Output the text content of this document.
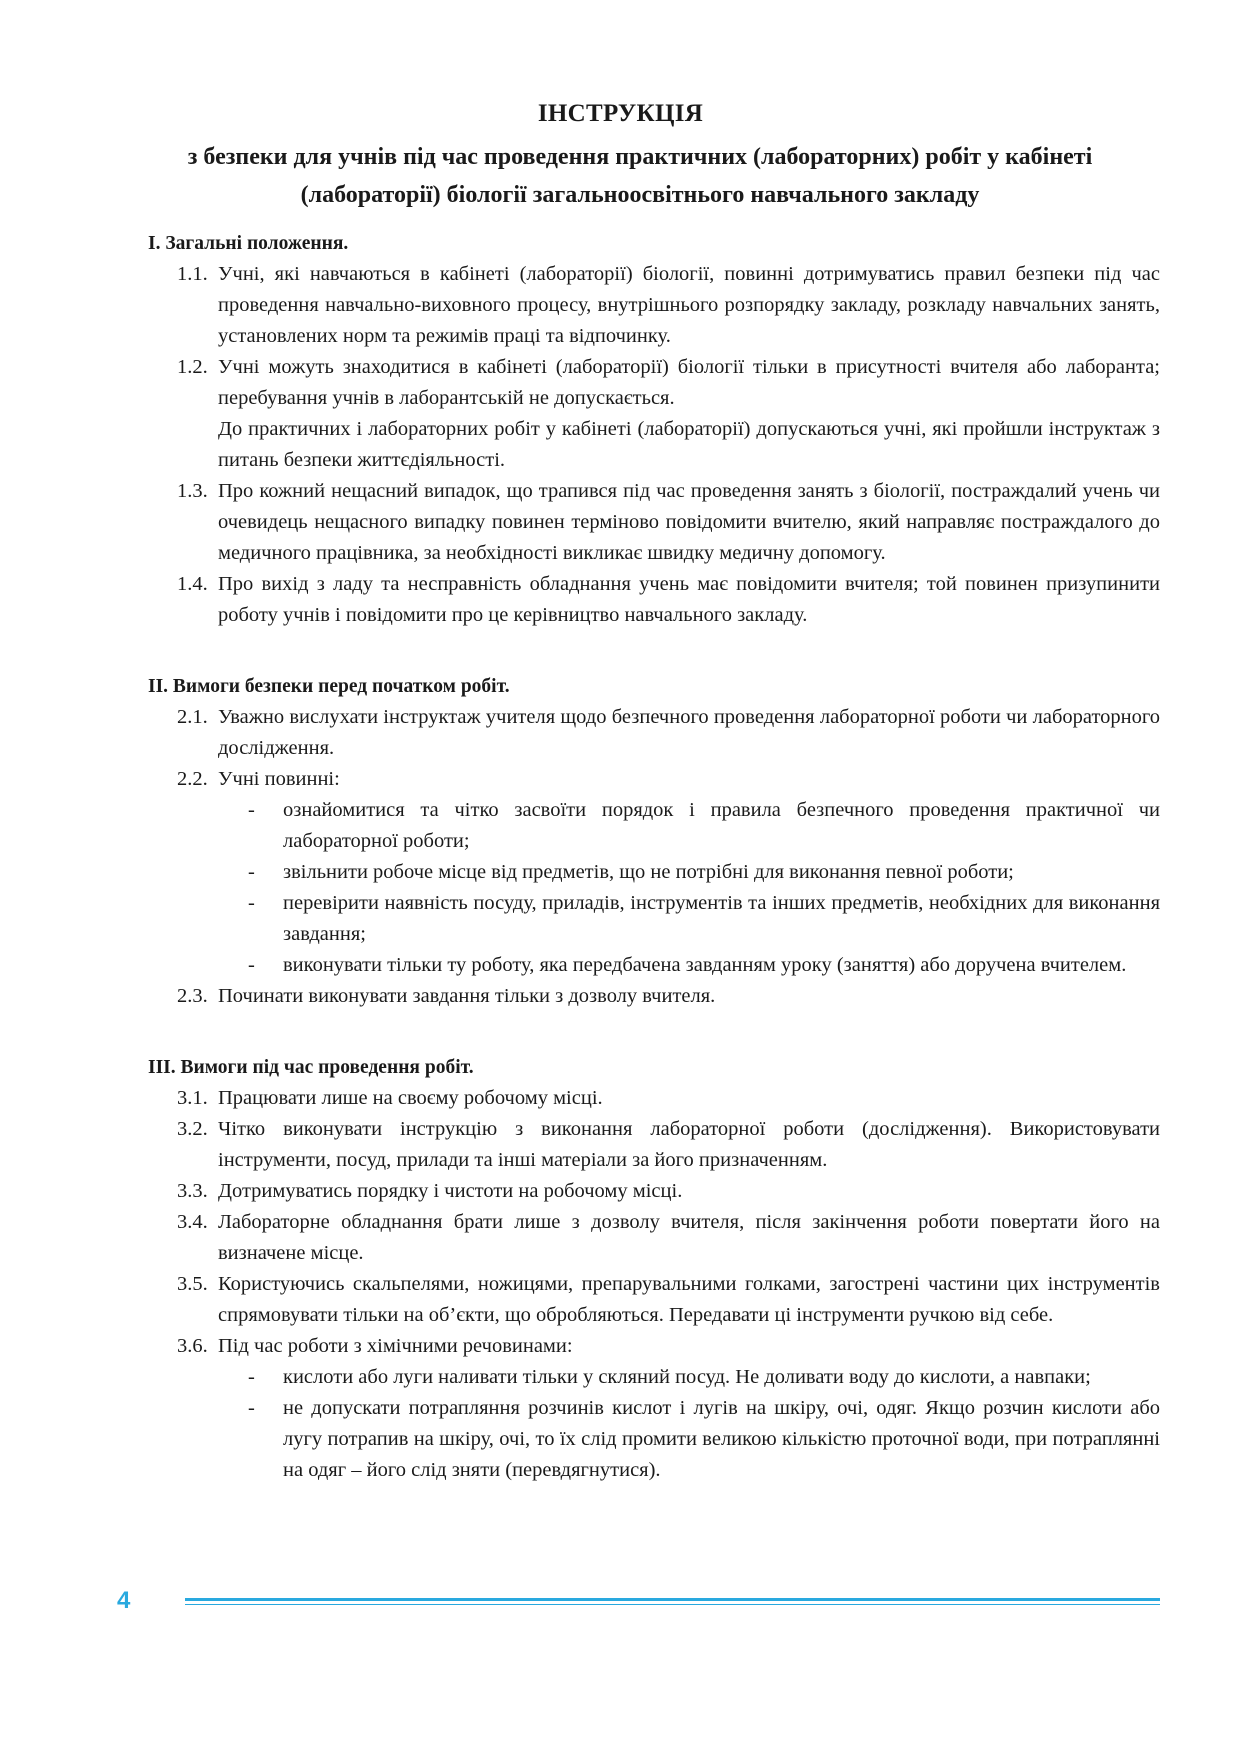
ІНСТРУКЦІЯ
з безпеки для учнів під час проведення практичних (лабораторних) робіт у кабінеті (лабораторії) біології загальноосвітнього навчального закладу

І. Загальні положення.

1.1. Учні, які навчаються в кабінеті (лабораторії) біології, повинні дотримуватись правил безпеки під час проведення навчально-виховного процесу, внутрішнього розпорядку закладу, розкладу навчальних занять, установлених норм та режимів праці та відпочинку.
1.2. Учні можуть знаходитися в кабінеті (лабораторії) біології тільки в присутності вчителя або лаборанта; перебування учнів в лаборантській не допускається.
До практичних і лабораторних робіт у кабінеті (лабораторії) допускаються учні, які пройшли інструктаж з питань безпеки життєдіяльності.
1.3. Про кожний нещасний випадок, що трапився під час проведення занять з біології, постраждалий учень чи очевидець нещасного випадку повинен терміново повідомити вчителю, який направляє постраждалого до медичного працівника, за необхідності викликає швидку медичну допомогу.
1.4. Про вихід з ладу та несправність обладнання учень має повідомити вчителя; той повинен призупинити роботу учнів і повідомити про це керівництво навчального закладу.

ІІ. Вимоги безпеки перед початком робіт.

2.1. Уважно вислухати інструктаж учителя щодо безпечного проведення лабораторної роботи чи лабораторного дослідження.
2.2. Учні повинні:
- ознайомитися та чітко засвоїти порядок і правила безпечного проведення практичної чи лабораторної роботи;
- звільнити робоче місце від предметів, що не потрібні для виконання певної роботи;
- перевірити наявність посуду, приладів, інструментів та інших предметів, необхідних для виконання завдання;
- виконувати тільки ту роботу, яка передбачена завданням уроку (заняття) або доручена вчителем.
2.3. Починати виконувати завдання тільки з дозволу вчителя.

ІІІ. Вимоги під час проведення робіт.

3.1. Працювати лише на своєму робочому місці.
3.2. Чітко виконувати інструкцію з виконання лабораторної роботи (дослідження). Використовувати інструменти, посуд, прилади та інші матеріали за його призначенням.
3.3. Дотримуватись порядку і чистоти на робочому місці.
3.4. Лабораторне обладнання брати лише з дозволу вчителя, після закінчення роботи повертати його на визначене місце.
3.5. Користуючись скальпелями, ножицями, препарувальними голками, загострені частини цих інструментів спрямовувати тільки на об’єкти, що обробляються. Передавати ці інструменти ручкою від себе.
3.6. Під час роботи з хімічними речовинами:
- кислоти або луги наливати тільки у скляний посуд. Не доливати воду до кислоти, а навпаки;
- не допускати потрапляння розчинів кислот і лугів на шкіру, очі, одяг. Якщо розчин кислоти або лугу потрапив на шкіру, очі, то їх слід промити великою кількістю проточної води, при потраплянні на одяг – його слід зняти (перевдягнутися).
4
